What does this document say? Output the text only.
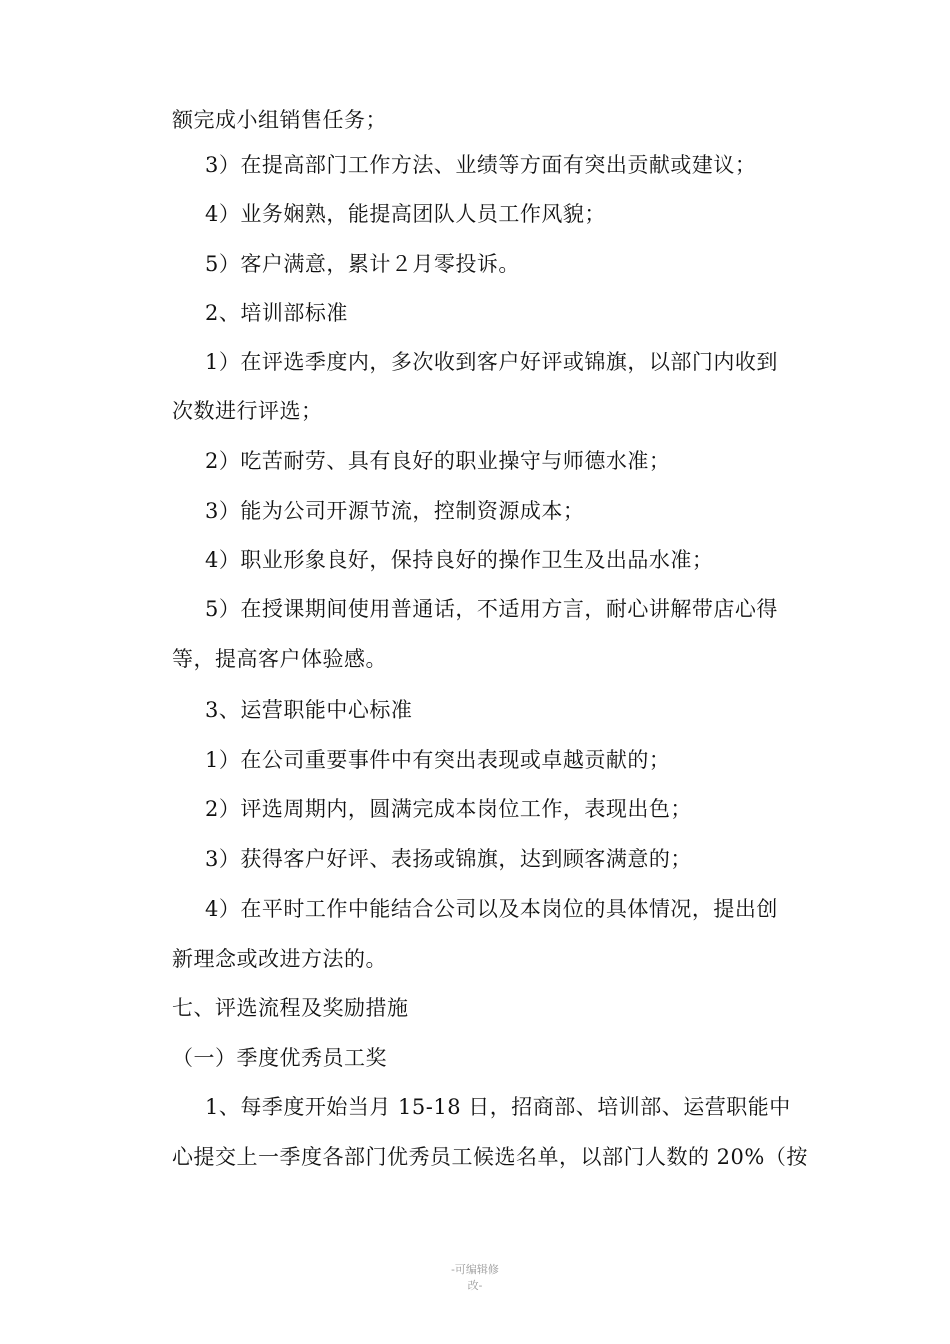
额完成小组销售任务；
3）在提高部门工作方法、业绩等方面有突出贡献或建议；
4）业务娴熟，能提高团队人员工作风貌；
5）客户满意，累计２月零投诉。
2、培训部标准
1）在评选季度内，多次收到客户好评或锦旗，以部门内收到
次数进行评选；
2）吃苦耐劳、具有良好的职业操守与师德水准；
3）能为公司开源节流，控制资源成本；
4）职业形象良好，保持良好的操作卫生及出品水准；
5）在授课期间使用普通话，不适用方言，耐心讲解带店心得
等，提高客户体验感。
3、运营职能中心标准
1）在公司重要事件中有突出表现或卓越贡献的；
2）评选周期内，圆满完成本岗位工作，表现出色；
3）获得客户好评、表扬或锦旗，达到顾客满意的；
4）在平时工作中能结合公司以及本岗位的具体情况，提出创
新理念或改进方法的。
七、评选流程及奖励措施
（一）季度优秀员工奖
1、每季度开始当月 15-18 日，招商部、培训部、运营职能中
心提交上一季度各部门优秀员工候选名单，以部门人数的 20%（按
-可编辑修
改-
